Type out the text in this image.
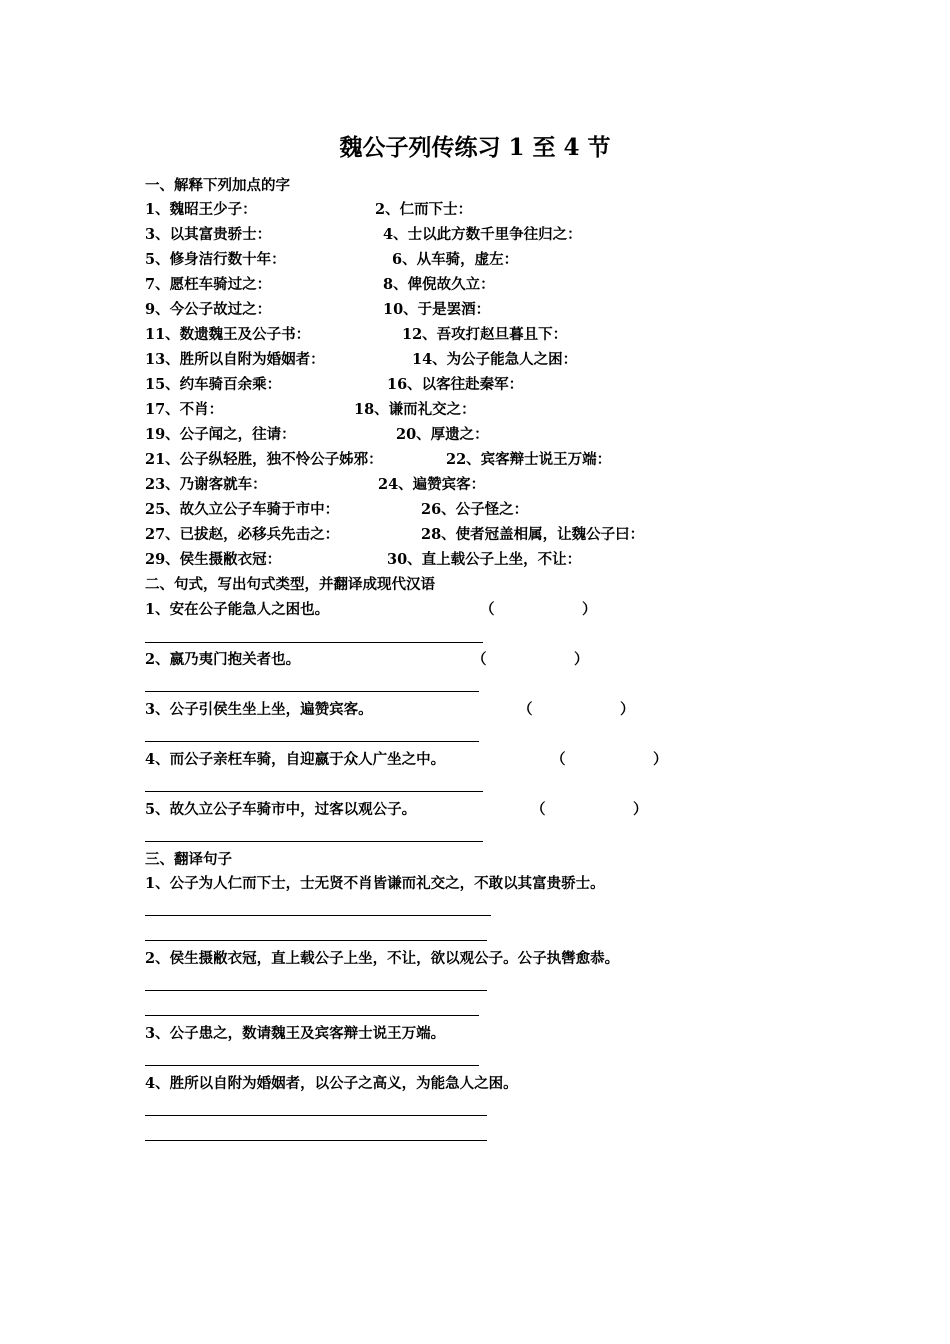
魏公子列传练习 1 至 4 节
一、解释下列加点的字
1、魏昭王少子：	2、仁而下士：
3、以其富贵骄士：	4、士以此方数千里争往归之：
5、修身洁行数十年：	6、从车骑，虚左：
7、愿枉车骑过之：	8、俾倪故久立：
9、今公子故过之：	10、于是罢酒：
11、数遗魏王及公子书：	12、吾攻打赵旦暮且下：
13、胜所以自附为婚姻者：	14、为公子能急人之困：
15、约车骑百余乘：	16、以客往赴秦军：
17、不肖：	18、谦而礼交之：
19、公子闻之，往请：	20、厚遗之：
21、公子纵轻胜，独不怜公子姊邪：	22、宾客辩士说王万端：
23、乃谢客就车：	24、遍赞宾客：
25、故久立公子车骑于市中：	26、公子怪之：
27、已拔赵，必移兵先击之：	28、使者冠盖相属，让魏公子曰：
29、侯生摄敝衣冠：	30、直上载公子上坐，不让：
二、句式，写出句式类型，并翻译成现代汉语
1、安在公子能急人之困也。	（	）
2、嬴乃夷门抱关者也。	（	）
3、公子引侯生坐上坐，遍赞宾客。	（	）
4、而公子亲枉车骑，自迎嬴于众人广坐之中。	（	）
5、故久立公子车骑市中，过客以观公子。	（	）
三、翻译句子
1、公子为人仁而下士，士无贤不肖皆谦而礼交之，不敢以其富贵骄士。
2、侯生摄敝衣冠，直上载公子上坐，不让，欲以观公子。公子执辔愈恭。
3、公子患之，数请魏王及宾客辩士说王万端。
4、胜所以自附为婚姻者，以公子之高义，为能急人之困。
